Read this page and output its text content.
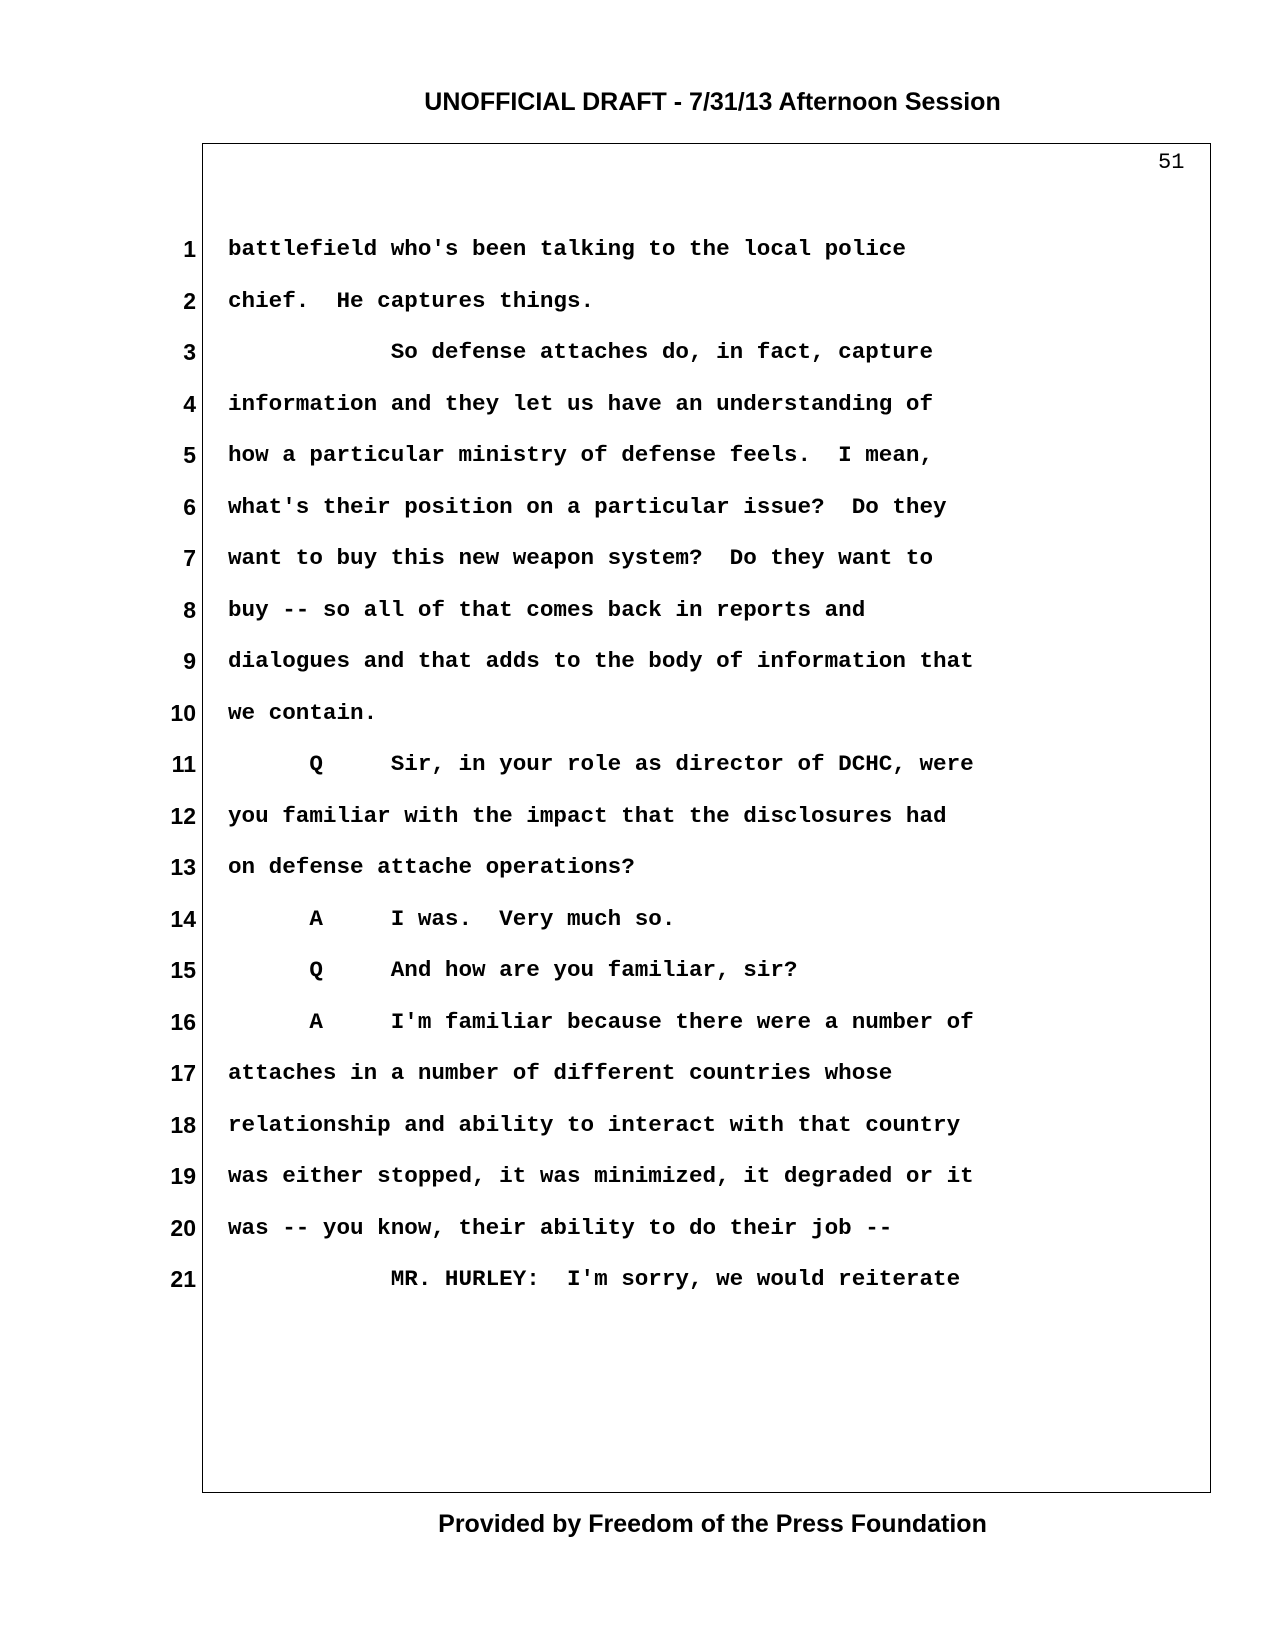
UNOFFICIAL DRAFT - 7/31/13 Afternoon Session
51
1 battlefield who's been talking to the local police
2 chief.  He captures things.
3 So defense attaches do, in fact, capture
4 information and they let us have an understanding of
5 how a particular ministry of defense feels.  I mean,
6 what's their position on a particular issue?  Do they
7 want to buy this new weapon system?  Do they want to
8 buy -- so all of that comes back in reports and
9 dialogues and that adds to the body of information that
10 we contain.
11 Q     Sir, in your role as director of DCHC, were
12 you familiar with the impact that the disclosures had
13 on defense attache operations?
14 A     I was.  Very much so.
15 Q     And how are you familiar, sir?
16 A     I'm familiar because there were a number of
17 attaches in a number of different countries whose
18 relationship and ability to interact with that country
19 was either stopped, it was minimized, it degraded or it
20 was -- you know, their ability to do their job --
21 MR. HURLEY:  I'm sorry, we would reiterate
Provided by Freedom of the Press Foundation
